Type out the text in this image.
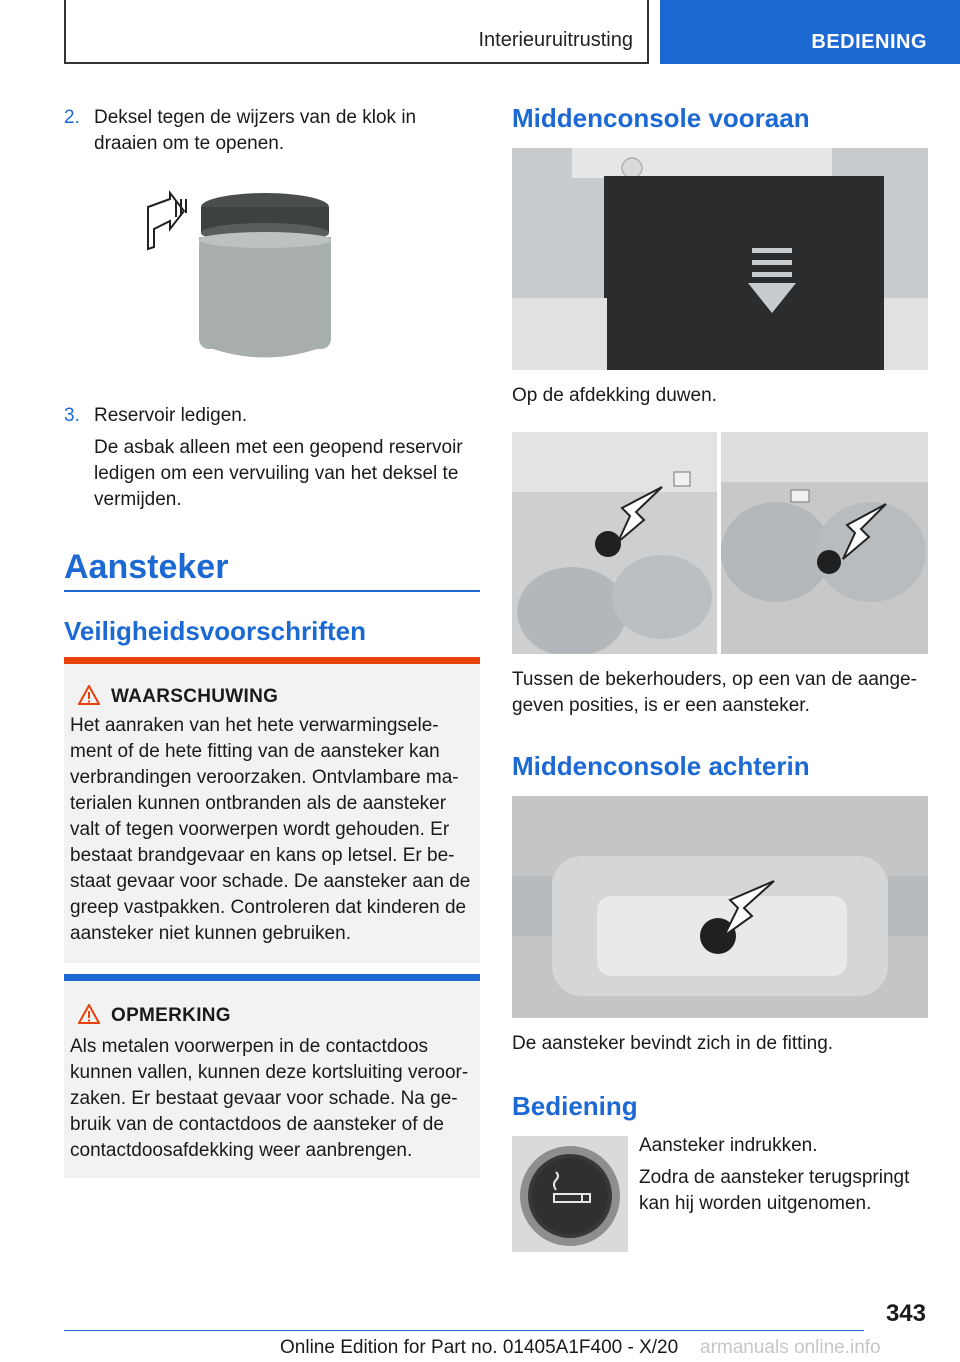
Interieuruitrusting	BEDIENING
2. Deksel tegen de wijzers van de klok in
draaien om te openen.
3. Reservoir ledigen.
De asbak alleen met een geopend reservoir
ledigen om een vervuiling van het deksel te
vermijden.
Aansteker
Veiligheidsvoorschriften
WAARSCHUWING
Het aanraken van het hete verwarmingsele-
ment of de hete fitting van de aansteker kan
verbrandingen veroorzaken. Ontvlambare ma-
terialen kunnen ontbranden als de aansteker
valt of tegen voorwerpen wordt gehouden. Er
bestaat brandgevaar en kans op letsel. Er be-
staat gevaar voor schade. De aansteker aan de
greep vastpakken. Controleren dat kinderen de
aansteker niet kunnen gebruiken.
OPMERKING
Als metalen voorwerpen in de contactdoos
kunnen vallen, kunnen deze kortsluiting veroor-
zaken. Er bestaat gevaar voor schade. Na ge-
bruik van de contactdoos de aansteker of de
contactdoosafdekking weer aanbrengen.
Middenconsole vooraan
Op de afdekking duwen.
Tussen de bekerhouders, op een van de aange-
geven posities, is er een aansteker.
Middenconsole achterin
De aansteker bevindt zich in de fitting.
Bediening
Aansteker indrukken.
Zodra de aansteker terugspringt
kan hij worden uitgenomen.
343
Online Edition for Part no. 01405A1F400 - X/20 armanuals online.info
